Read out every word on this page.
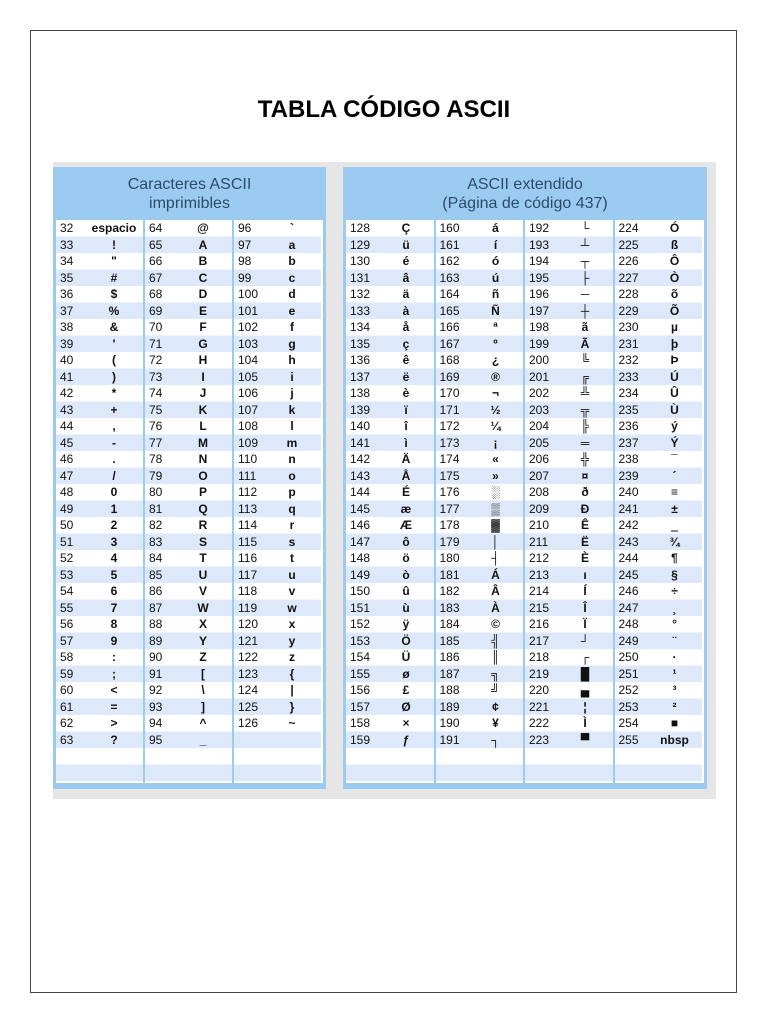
TABLA CÓDIGO ASCII
Caracteres ASCII
imprimibles
32	espacio
33	!
34	"
35	#
36	$
37	%
38	&
39	'
40	(
41	)
42	*
43	+
44	,
45	-
46	.
47	/
48	0
49	1
50	2
51	3
52	4
53	5
54	6
55	7
56	8
57	9
58	:
59	;
60	<
61	=
62	>
63	?
64	@
65	A
66	B
67	C
68	D
69	E
70	F
71	G
72	H
73	I
74	J
75	K
76	L
77	M
78	N
79	O
80	P
81	Q
82	R
83	S
84	T
85	U
86	V
87	W
88	X
89	Y
90	Z
91	[
92	\
93	]
94	^
95	_
96	`
97	a
98	b
99	c
100	d
101	e
102	f
103	g
104	h
105	i
106	j
107	k
108	l
109	m
110	n
111	o
112	p
113	q
114	r
115	s
116	t
117	u
118	v
119	w
120	x
121	y
122	z
123	{
124	|
125	}
126	~
ASCII extendido
(Página de código 437)
128	Ç
129	ü
130	é
131	â
132	ä
133	à
134	å
135	ç
136	ê
137	ë
138	è
139	ï
140	î
141	ì
142	Ä
143	Å
144	É
145	æ
146	Æ
147	ô
148	ö
149	ò
150	û
151	ù
152	ÿ
153	Ö
154	Ü
155	ø
156	£
157	Ø
158	×
159	ƒ
160	á
161	í
162	ó
163	ú
164	ñ
165	Ñ
166	ª
167	º
168	¿
169	®
170	¬
171	½
172	¼
173	¡
174	«
175	»
176	░
177	▒
178	▓
179	│
180	┤
181	Á
182	Â
183	À
184	©
185	╣
186	║
187	╗
188	╝
189	¢
190	¥
191	┐
192	└
193	┴
194	┬
195	├
196	─
197	┼
198	ã
199	Ã
200	╚
201	╔
202	╩
203	╦
204	╠
205	═
206	╬
207	¤
208	ð
209	Ð
210	Ê
211	Ë
212	È
213	ı
214	Í
215	Î
216	Ï
217	┘
218	┌
219	█
220	▄
221	¦
222	Ì
223	▀
224	Ó
225	ß
226	Ô
227	Ò
228	õ
229	Õ
230	µ
231	þ
232	Þ
233	Ú
234	Û
235	Ù
236	ý
237	Ý
238	¯
239	´
240	≡
241	±
242	‗
243	¾
244	¶
245	§
246	÷
247	¸
248	°
249	¨
250	·
251	¹
252	³
253	²
254	■
255	nbsp
